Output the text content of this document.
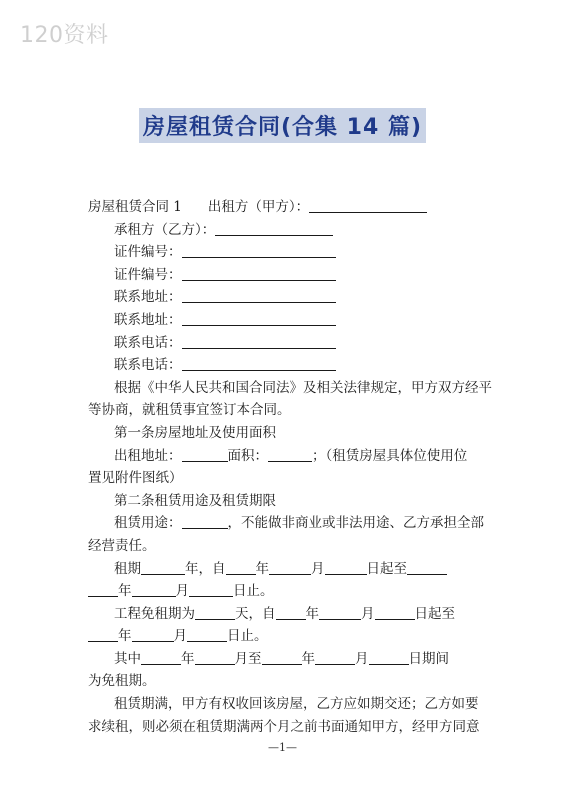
120资料
房屋租赁合同(合集 14 篇)
房屋租赁合同 1 出租方（甲方）：
承租方（乙方）：
证件编号：
证件编号：
联系地址：
联系地址：
联系电话：
联系电话：
根据《中华人民共和国合同法》及相关法律规定，甲方双方经平
等协商，就租赁事宜签订本合同。
第一条房屋地址及使用面积
出租地址：	面积：	；（租赁房屋具体位使用位
置见附件图纸）
第二条租赁用途及租赁期限
租赁用途：	，不能做非商业或非法用途、乙方承担全部
经营责任。
租期	年，自 年	月	日起至
年	月	日止。
工程免租期为	天，自 年	月	日起至
年	月	日止。
其中	年	月至	年	月	日期间
为免租期。
租赁期满，甲方有权收回该房屋，乙方应如期交还；乙方如要
求续租，则必须在租赁期满两个月之前书面通知甲方，经甲方同意
—1—
